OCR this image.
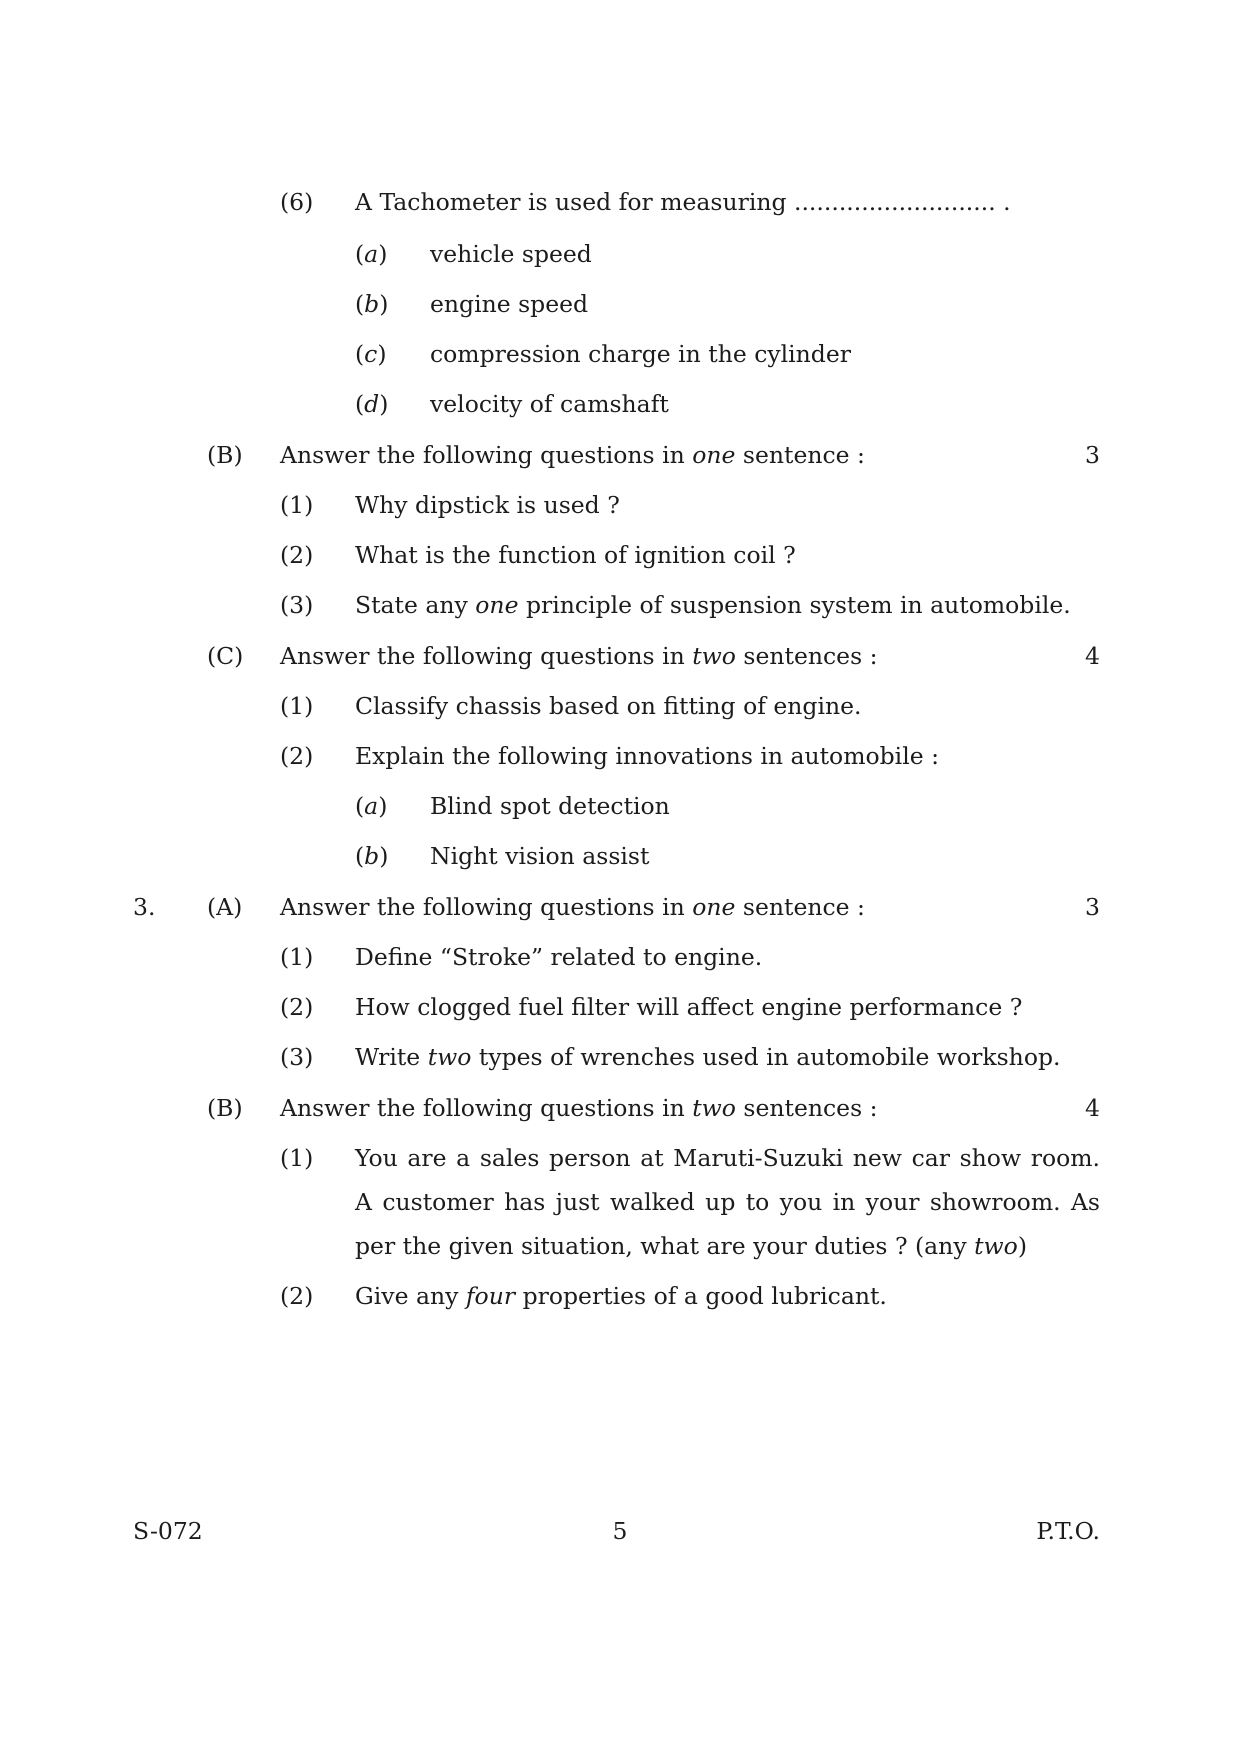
(6) A Tachometer is used for measuring ........................... .
(a) vehicle speed
(b) engine speed
(c) compression charge in the cylinder
(d) velocity of camshaft
(B) Answer the following questions in one sentence :	3
(1) Why dipstick is used ?
(2) What is the function of ignition coil ?
(3) State any one principle of suspension system in automobile.
(C) Answer the following questions in two sentences :	4
(1) Classify chassis based on fitting of engine.
(2) Explain the following innovations in automobile :
(a) Blind spot detection
(b) Night vision assist
3. (A) Answer the following questions in one sentence :	3
(1) Define “Stroke” related to engine.
(2) How clogged fuel filter will affect engine performance ?
(3) Write two types of wrenches used in automobile workshop.
(B) Answer the following questions in two sentences :	4
(1) You are a sales person at Maruti-Suzuki new car show room.
A customer has just walked up to you in your showroom. As
per the given situation, what are your duties ? (any two)
(2) Give any four properties of a good lubricant.
S-072	5	P.T.O.
